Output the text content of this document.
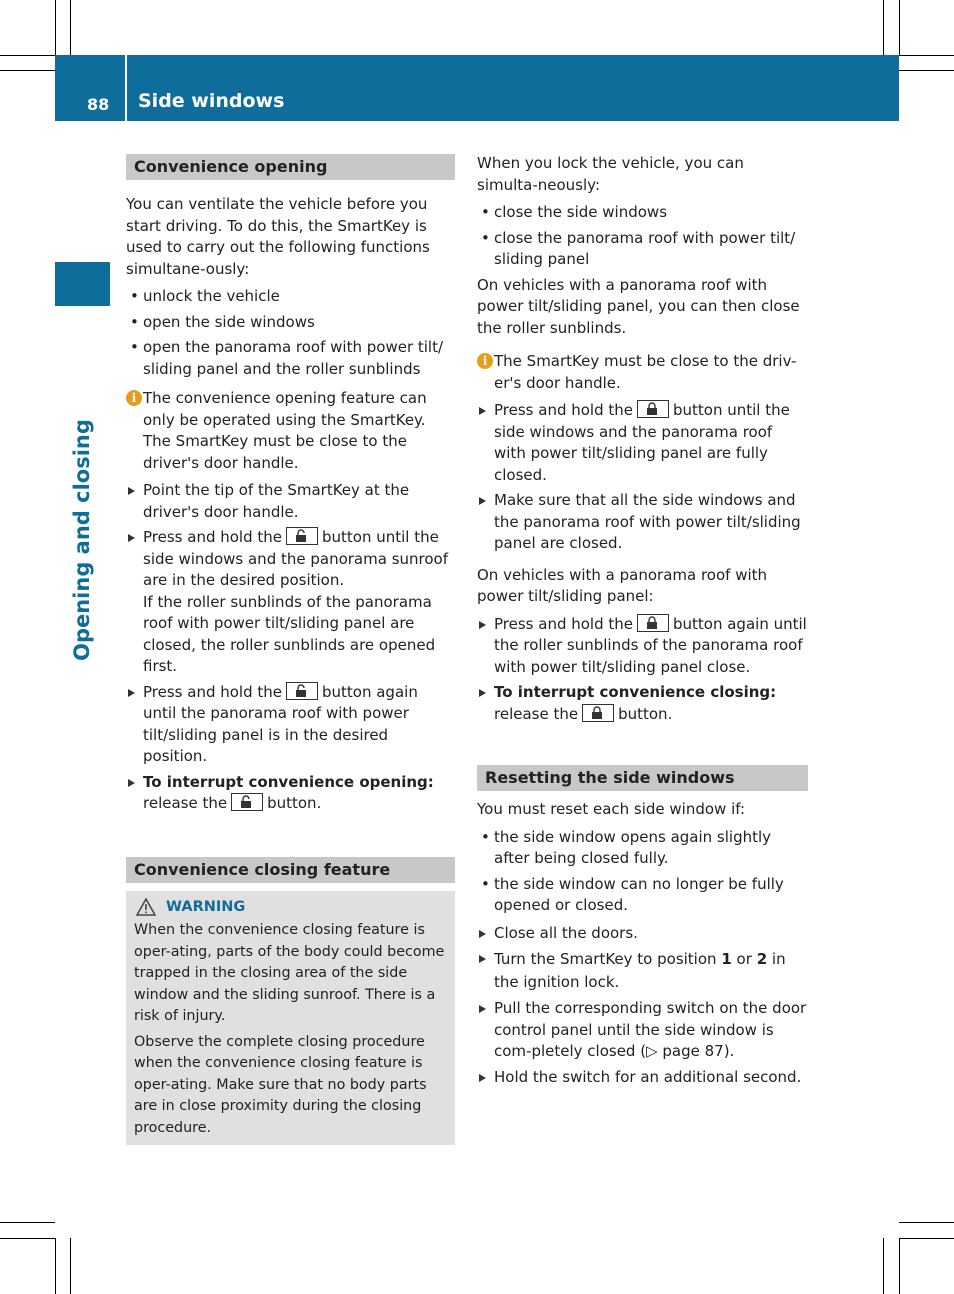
88 Side windows
Opening and closing
Convenience opening

You can ventilate the vehicle before you start driving. To do this, the SmartKey is used to carry out the following functions simultane-ously:

• unlock the vehicle
• open the side windows
• open the panorama roof with power tilt/ sliding panel and the roller sunblinds
i The convenience opening feature can only be operated using the SmartKey. The SmartKey must be close to the driver's door handle.
Point the tip of the SmartKey at the driver's door handle.
Press and hold the	button until the side windows and the panorama sunroof are in the desired position.
If the roller sunblinds of the panorama roof with power tilt/sliding panel are closed, the roller sunblinds are opened first.
Press and hold the	button again until the panorama roof with power tilt/sliding panel is in the desired position.
To interrupt convenience opening:
release the	button.
Convenience closing feature
WARNING

When the convenience closing feature is oper-ating, parts of the body could become trapped in the closing area of the side window and the sliding sunroof. There is a risk of injury.

Observe the complete closing procedure when the convenience closing feature is oper-ating. Make sure that no body parts are in close proximity during the closing procedure.

When you lock the vehicle, you can simulta-neously:

• close the side windows
• close the panorama roof with power tilt/ sliding panel

On vehicles with a panorama roof with power tilt/sliding panel, you can then close the roller sunblinds.

i The SmartKey must be close to the driv-er's door handle.
Press and hold the	button until the side windows and the panorama roof with power tilt/sliding panel are fully closed.
Make sure that all the side windows and the panorama roof with power tilt/sliding panel are closed.

On vehicles with a panorama roof with power tilt/sliding panel:

Press and hold the	button again until the roller sunblinds of the panorama roof with power tilt/sliding panel close.
To interrupt convenience closing:
release the	button.
Resetting the side windows

You must reset each side window if:

• the side window opens again slightly after being closed fully.
• the side window can no longer be fully opened or closed.
Close all the doors.
Turn the SmartKey to position 1 or 2 in the ignition lock.
Pull the corresponding switch on the door control panel until the side window is com-pletely closed (▷ page 87).
Hold the switch for an additional second.
